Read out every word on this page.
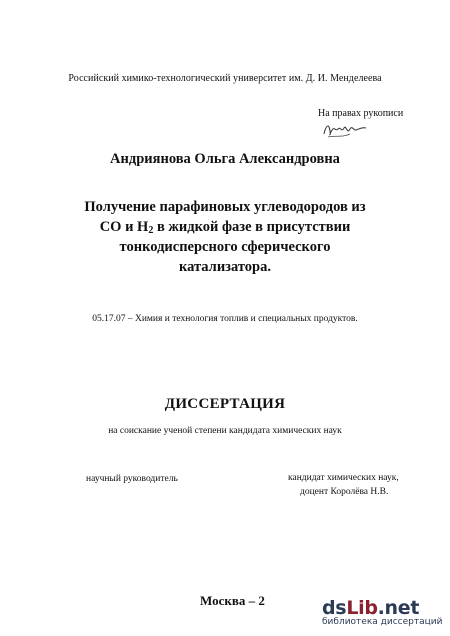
Российский химико-технологический университет им. Д. И. Менделеева
На правах рукописи
Андриянова Ольга Александровна
Получение парафиновых углеводородов из
СО и $Н_2$ в жидкой фазе в присутствии
тонкодисперсного сферического
катализатора.
05.17.07 – Химия и технология топлив и специальных продуктов.
ДИССЕРТАЦИЯ
на соискание ученой степени кандидата химических наук
научный руководитель	кандидат химических наук,
доцент Королёва Н.В.
Москва – 2	dsLib.net
библиотека диссертаций
